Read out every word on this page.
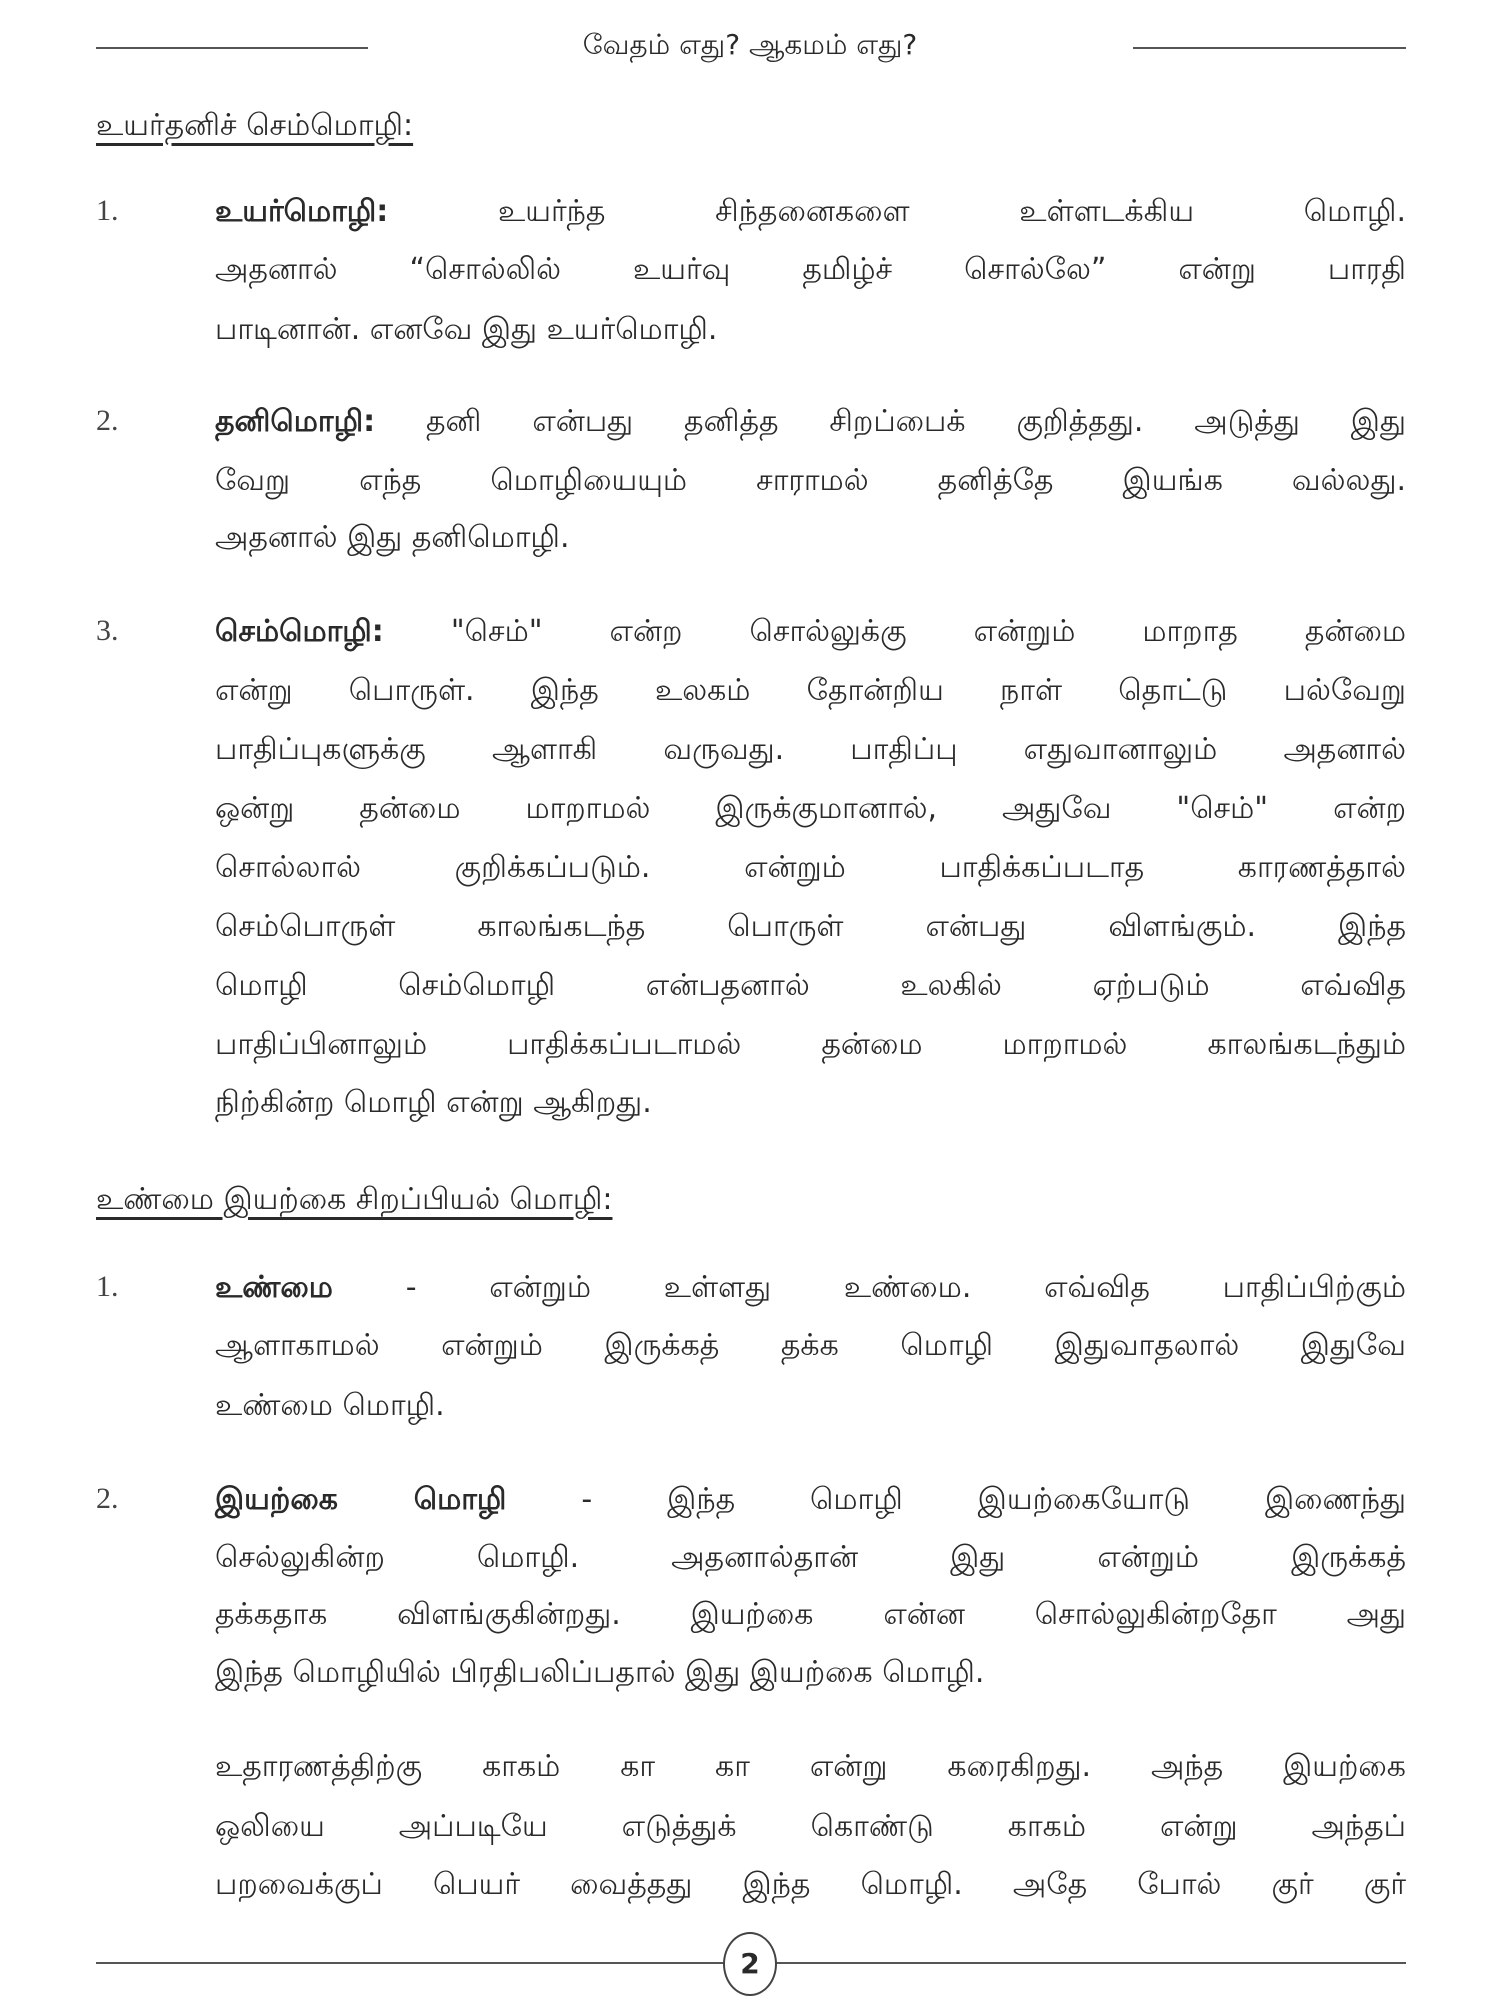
வேதம் எது? ஆகமம் எது?
உயர்தனிச் செம்மொழி:
1.	உயர்மொழி:	உயர்ந்த சிந்தனைகளை உள்ளடக்கிய மொழி.
அதனால் “சொல்லில் உயர்வு தமிழ்ச் சொல்லே” என்று பாரதி
பாடினான். எனவே இது உயர்மொழி.
2.	தனிமொழி: தனி என்பது தனித்த சிறப்பைக் குறித்தது. அடுத்து இது
வேறு எந்த மொழியையும் சாராமல் தனித்தே இயங்க வல்லது.
அதனால் இது தனிமொழி.
3.	செம்மொழி: "செம்" என்ற சொல்லுக்கு என்றும் மாறாத தன்மை
என்று பொருள். இந்த உலகம் தோன்றிய நாள் தொட்டு பல்வேறு
பாதிப்புகளுக்கு ஆளாகி வருவது. பாதிப்பு எதுவானாலும் அதனால்
ஒன்று தன்மை மாறாமல் இருக்குமானால், அதுவே "செம்" என்ற
சொல்லால் குறிக்கப்படும். என்றும் பாதிக்கப்படாத காரணத்தால்
செம்பொருள் காலங்கடந்த பொருள் என்பது விளங்கும். இந்த
மொழி செம்மொழி என்பதனால் உலகில் ஏற்படும் எவ்வித
பாதிப்பினாலும் பாதிக்கப்படாமல் தன்மை மாறாமல் காலங்கடந்தும்
நிற்கின்ற மொழி என்று ஆகிறது.
உண்மை இயற்கை சிறப்பியல் மொழி:
1.	உண்மை - என்றும் உள்ளது உண்மை. எவ்வித பாதிப்பிற்கும்
ஆளாகாமல் என்றும் இருக்கத் தக்க மொழி இதுவாதலால் இதுவே
உண்மை மொழி.
2.	இயற்கை மொழி - இந்த மொழி இயற்கையோடு இணைந்து
செல்லுகின்ற மொழி. அதனால்தான் இது என்றும் இருக்கத்
தக்கதாக விளங்குகின்றது. இயற்கை என்ன சொல்லுகின்றதோ அது
இந்த மொழியில் பிரதிபலிப்பதால் இது இயற்கை மொழி.
உதாரணத்திற்கு காகம் கா கா என்று கரைகிறது. அந்த இயற்கை
ஒலியை அப்படியே எடுத்துக் கொண்டு காகம் என்று அந்தப்
பறவைக்குப் பெயர் வைத்தது இந்த மொழி. அதே போல் குர் குர்
2
